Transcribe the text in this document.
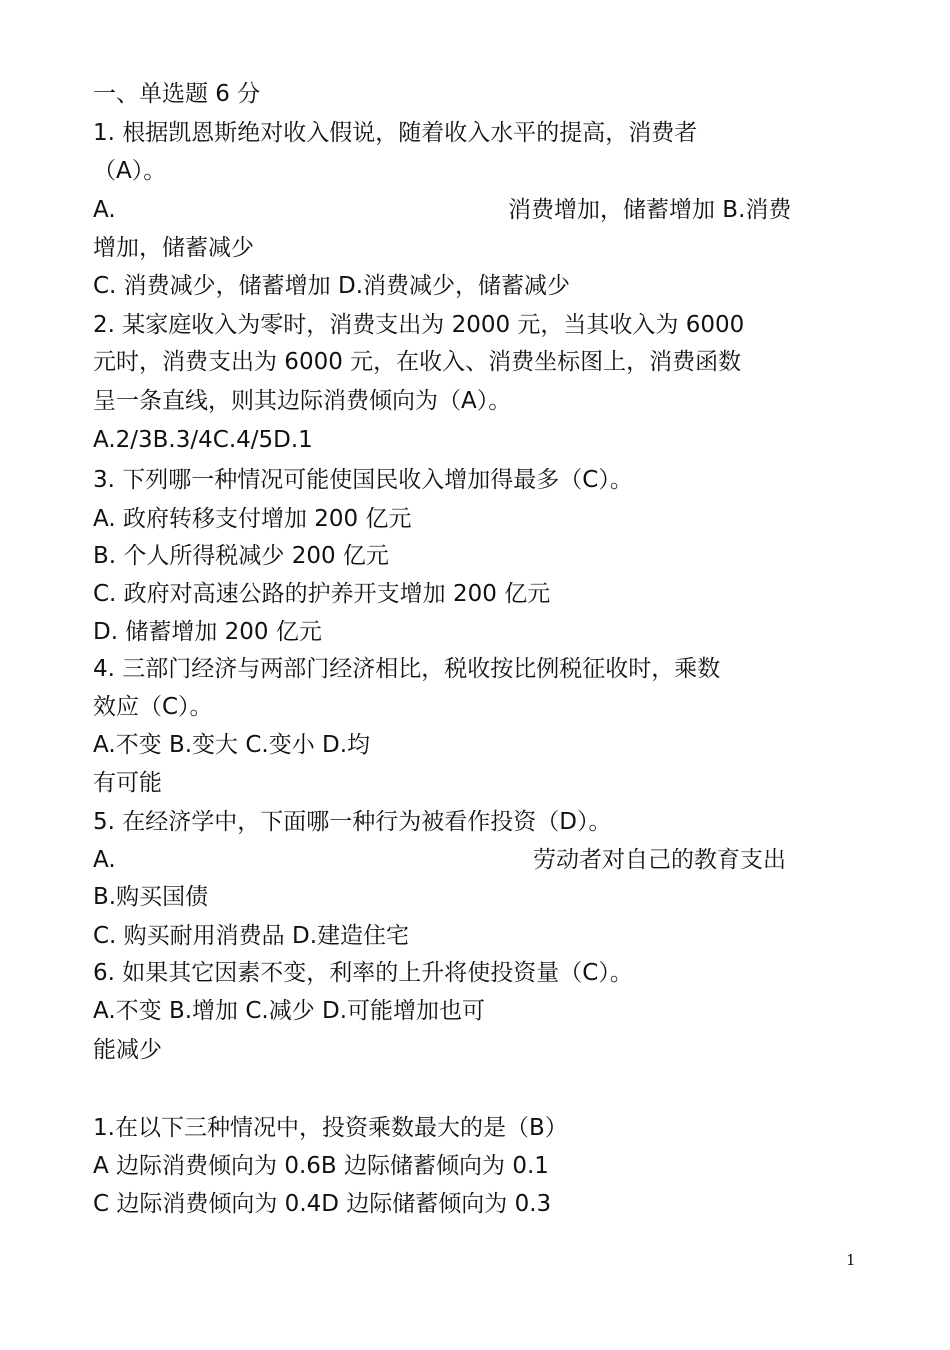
一、单选题 6 分
1. 根据凯恩斯绝对收入假说，随着收入水平的提高，消费者
（A）。
A.	消费增加，储蓄增加 B.消费
增加，储蓄减少
C. 消费减少，储蓄增加 D.消费减少，储蓄减少
2. 某家庭收入为零时，消费支出为 2000 元，当其收入为 6000
元时，消费支出为 6000 元，在收入、消费坐标图上，消费函数
呈一条直线，则其边际消费倾向为（A）。
A.2/3B.3/4C.4/5D.1
3. 下列哪一种情况可能使国民收入增加得最多（C）。
A. 政府转移支付增加 200 亿元
B. 个人所得税减少 200 亿元
C. 政府对高速公路的护养开支增加 200 亿元
D. 储蓄增加 200 亿元
4. 三部门经济与两部门经济相比，税收按比例税征收时，乘数
效应（C）。
A.不变 B.变大 C.变小 D.均
有可能
5. 在经济学中，下面哪一种行为被看作投资（D）。
A.	劳动者对自己的教育支出
B.购买国债
C. 购买耐用消费品 D.建造住宅
6. 如果其它因素不变，利率的上升将使投资量（C）。
A.不变 B.增加 C.减少 D.可能增加也可
能减少
1.在以下三种情况中，投资乘数最大的是（B）
A 边际消费倾向为 0.6B 边际储蓄倾向为 0.1
C 边际消费倾向为 0.4D 边际储蓄倾向为 0.3
1
